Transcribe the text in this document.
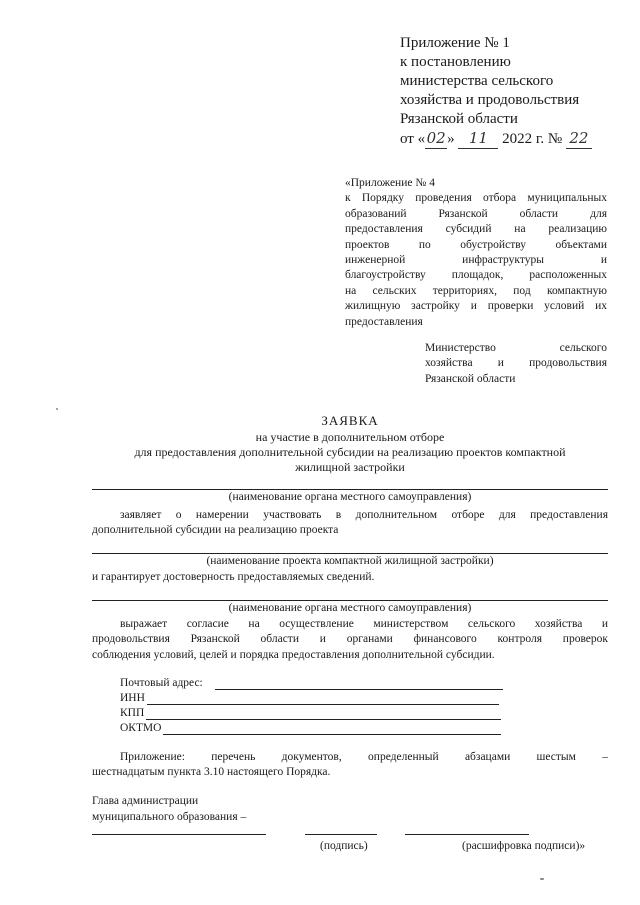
Приложение № 1
к постановлению
министерства сельского
хозяйства и продовольствия
Рязанской области
от «02» 11 2022 г. № 22
«Приложение № 4
к Порядку проведения отбора муниципальных
образований Рязанской области для
предоставления субсидий на реализацию
проектов по обустройству объектами
инженерной инфраструктуры и
благоустройству площадок, расположенных
на сельских территориях, под компактную
жилищную застройку и проверки условий их
предоставления
Министерство сельского
хозяйства и продовольствия
Рязанской области
ЗАЯВКА
на участие в дополнительном отборе
для предоставления дополнительной субсидии на реализацию проектов компактной
жилищной застройки
(наименование органа местного самоуправления)
заявляет о намерении участвовать в дополнительном отборе для предоставления
дополнительной субсидии на реализацию проекта
(наименование проекта компактной жилищной застройки)
и гарантирует достоверность предоставляемых сведений.
(наименование органа местного самоуправления)
выражает согласие на осуществление министерством сельского хозяйства и
продовольствия Рязанской области и органами финансового контроля проверок
соблюдения условий, целей и порядка предоставления дополнительной субсидии.
Почтовый адрес:
ИНН
КПП
ОКТМО
Приложение: перечень документов, определенный абзацами шестым –
шестнадцатым пункта 3.10 настоящего Порядка.
Глава администрации
муниципального образования –
(подпись)	(расшифровка подписи)»
